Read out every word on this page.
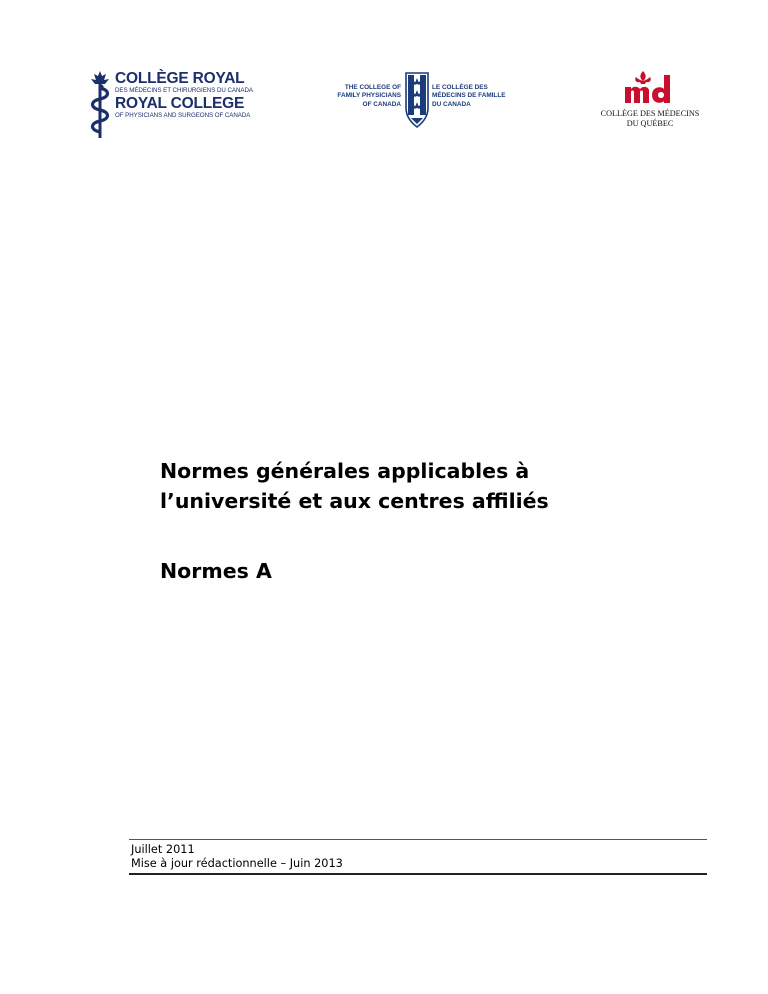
COLLÈGE ROYAL
DES MÉDECINS ET CHIRURGIENS DU CANADA
ROYAL COLLEGE
OF PHYSICIANS AND SURGEONS OF CANADA
THE COLLEGE OF
FAMILY PHYSICIANS
OF CANADA
LE COLLÈGE DES
MÉDECINS DE FAMILLE
DU CANADA
COLLÈGE DES MÉDECINS
DU QUÉBEC
Normes générales applicables à
l’université et aux centres affiliés
Normes A
Juillet 2011
Mise à jour rédactionnelle – Juin 2013
